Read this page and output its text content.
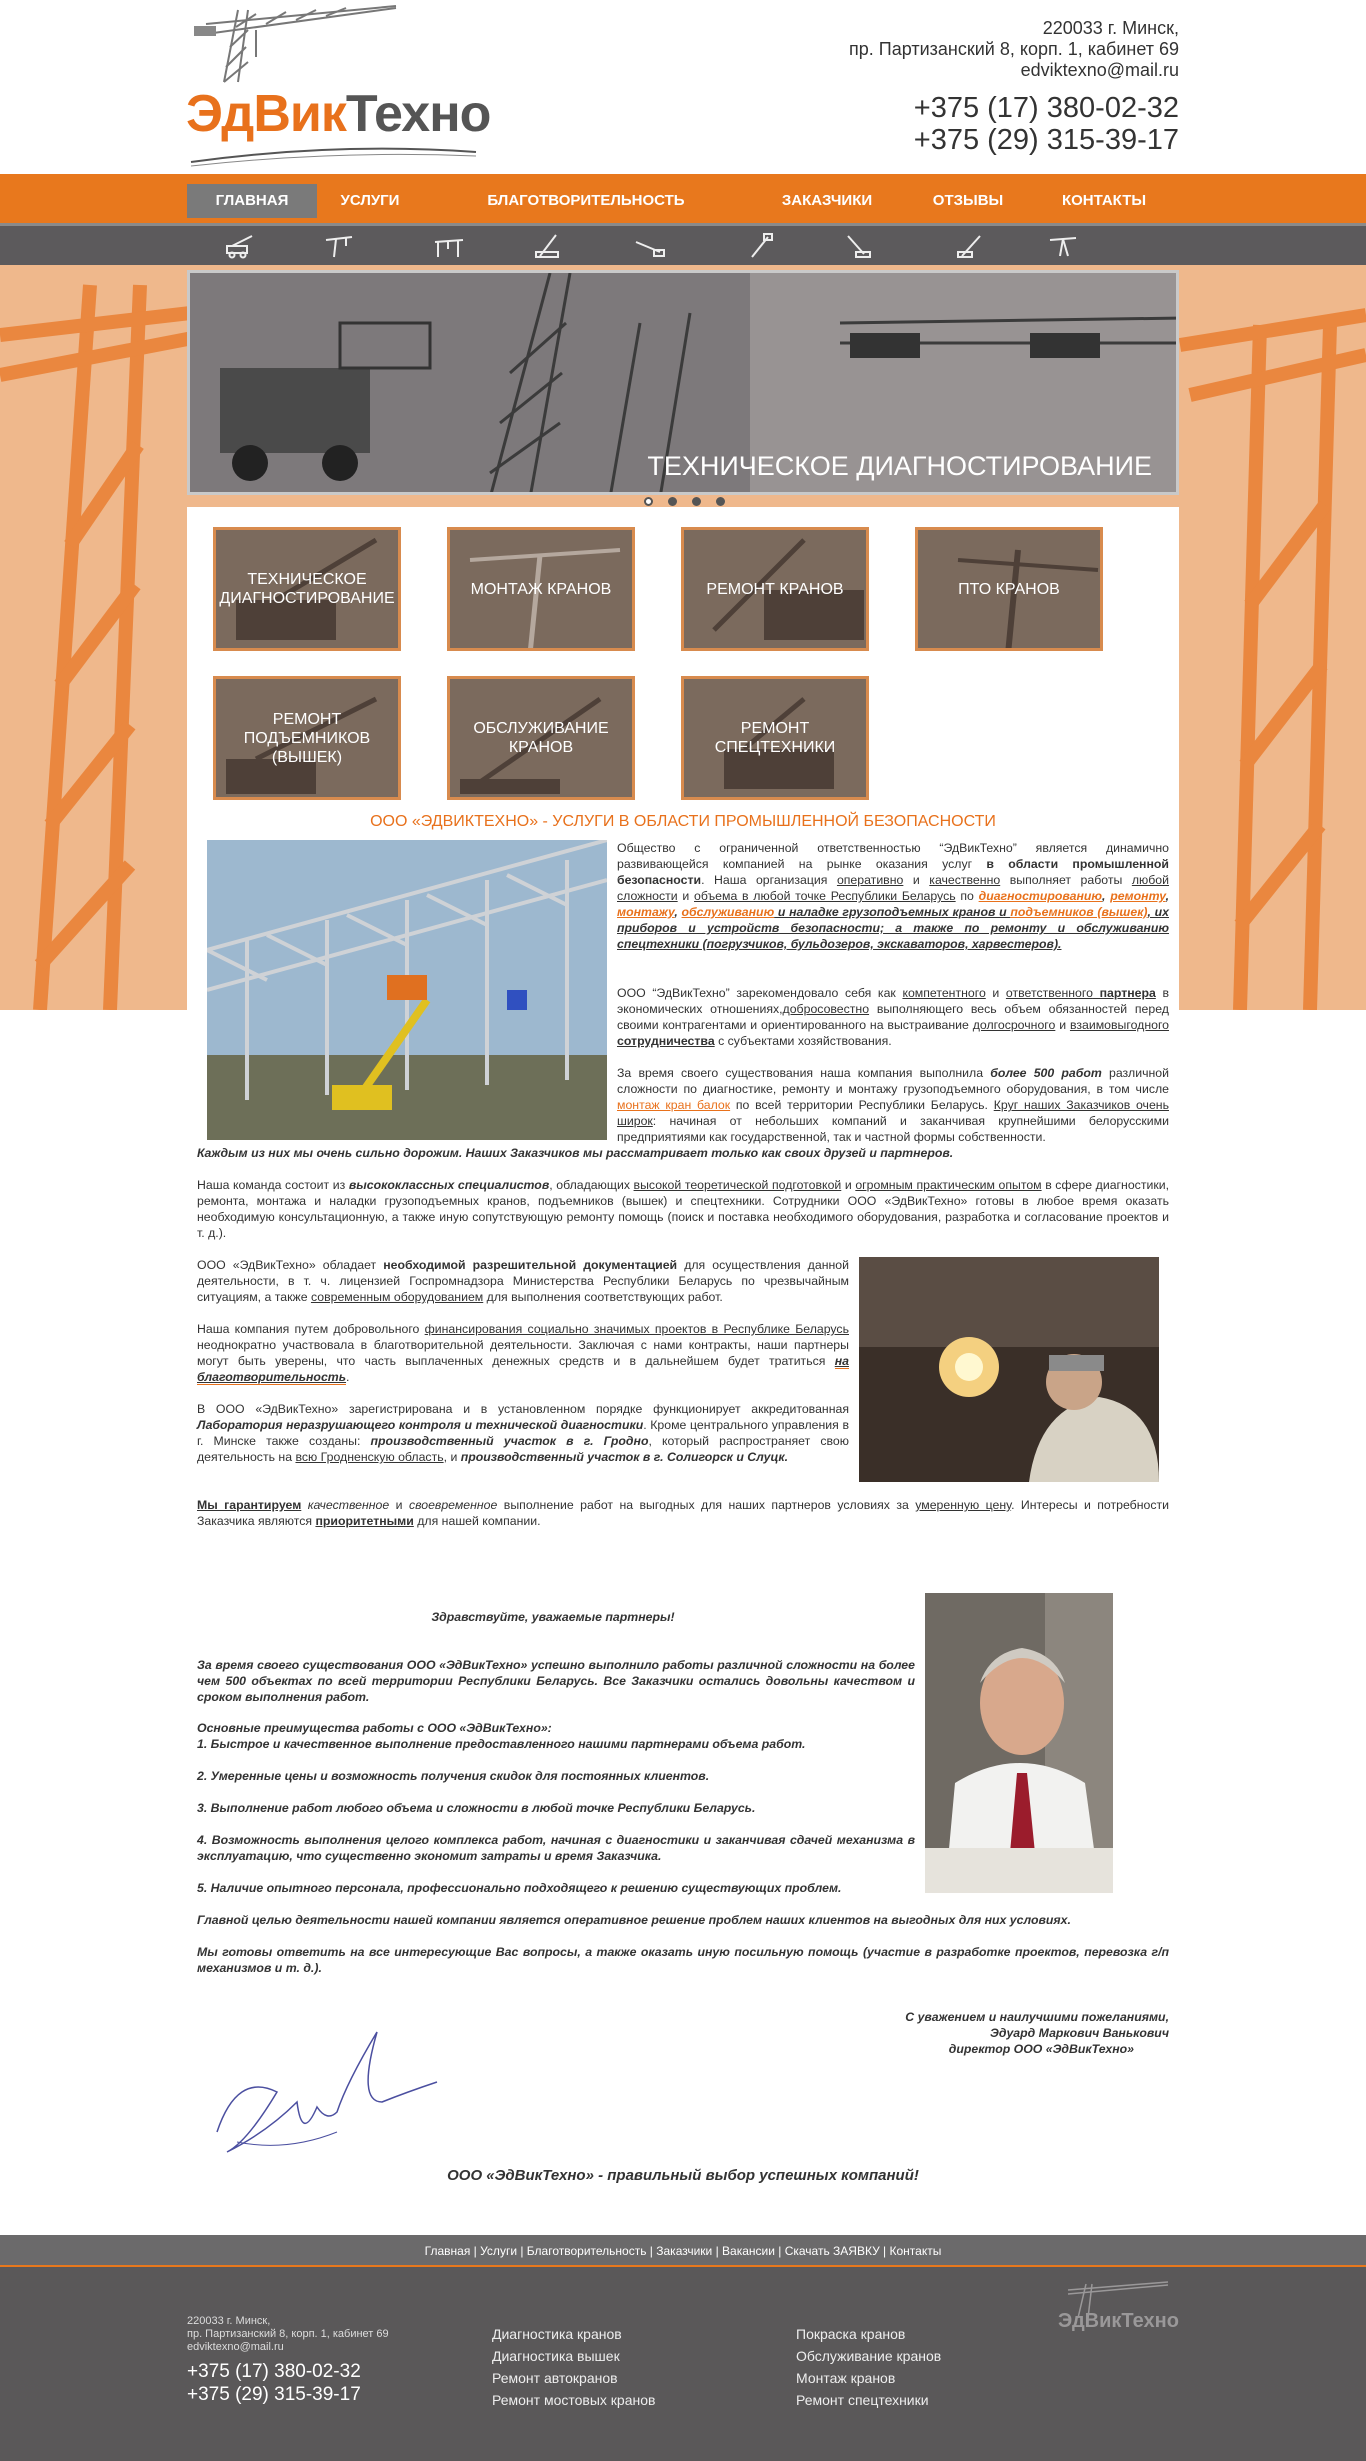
ЭдВикТехно
220033 г. Минск,
пр. Партизанский 8, корп. 1, кабинет 69
edviktexno@mail.ru
+375 (17) 380-02-32
+375 (29) 315-39-17
ГЛАВНАЯ	УСЛУГИ	БЛАГОТВОРИТЕЛЬНОСТЬ	ЗАКАЗЧИКИ	ОТЗЫВЫ	КОНТАКТЫ
ТЕХНИЧЕСКОЕ ДИАГНОСТИРОВАНИЕ
ТЕХНИЧЕСКОЕ ДИАГНОСТИРОВАНИЕ
МОНТАЖ КРАНОВ	РЕМОНТ КРАНОВ	ПТО КРАНОВ
РЕМОНТ ПОДЪЕМНИКОВ (ВЫШЕК)
ОБСЛУЖИВАНИЕ КРАНОВ
РЕМОНТ СПЕЦТЕХНИКИ
ООО «ЭДВИКТЕХНО» - УСЛУГИ В ОБЛАСТИ ПРОМЫШЛЕННОЙ БЕЗОПАСНОСТИ
Общество с ограниченной ответственностью “ЭдВикТехно” является динамично развивающейся компанией на рынке оказания услуг в области промышленной безопасности. Наша организация оперативно и качественно выполняет работы любой сложности и объема в любой точке Республики Беларусь по диагностированию, ремонту, монтажу, обслуживанию и наладке грузоподъемных кранов и подъемников (вышек), их приборов и устройств безопасности; а также по ремонту и обслуживанию спецтехники (погрузчиков, бульдозеров, экскаваторов, харвестеров).
ООО “ЭдВикТехно” зарекомендовало себя как компетентного и ответственного партнера в экономических отношениях,добросовестно выполняющего весь объем обязанностей перед своими контрагентами и ориентированного на выстраивание долгосрочного и взаимовыгодного сотрудничества с субъектами хозяйствования.
За время своего существования наша компания выполнила более 500 работ различной сложности по диагностике, ремонту и монтажу грузоподъемного оборудования, в том числе монтаж кран балок по всей территории Республики Беларусь. Круг наших Заказчиков очень широк: начиная от небольших компаний и заканчивая крупнейшими белорусскими предприятиями как государственной, так и частной формы собственности.
Каждым из них мы очень сильно дорожим. Наших Заказчиков мы рассматривает только как своих друзей и партнеров.
Наша команда состоит из высококлассных специалистов, обладающих высокой теоретической подготовкой и огромным практическим опытом в сфере диагностики, ремонта, монтажа и наладки грузоподъемных кранов, подъемников (вышек) и спецтехники. Сотрудники ООО «ЭдВикТехно» готовы в любое время оказать необходимую консультационную, а также иную сопутствующую ремонту помощь (поиск и поставка необходимого оборудования, разработка и согласование проектов и т. д.).
ООО «ЭдВикТехно» обладает необходимой разрешительной документацией для осуществления данной деятельности, в т. ч. лицензией Госпромнадзора Министерства Республики Беларусь по чрезвычайным ситуациям, а также современным оборудованием для выполнения соответствующих работ.
Наша компания путем добровольного финансирования социально значимых проектов в Республике Беларусь неоднократно участвовала в благотворительной деятельности. Заключая с нами контракты, наши партнеры могут быть уверены, что часть выплаченных денежных средств и в дальнейшем будет тратиться на благотворительность.
В ООО «ЭдВикТехно» зарегистрирована и в установленном порядке функционирует аккредитованная Лаборатория неразрушающего контроля и технической диагностики. Кроме центрального управления в г. Минске также созданы: производственный участок в г. Гродно, который распространяет свою деятельность на всю Гродненскую область, и производственный участок в г. Солигорск и Слуцк.
Мы гарантируем качественное и своевременное выполнение работ на выгодных для наших партнеров условиях за умеренную цену. Интересы и потребности Заказчика являются приоритетными для нашей компании.
Здравствуйте, уважаемые партнеры!
За время своего существования ООО «ЭдВикТехно» успешно выполнило работы различной сложности на более чем 500 объектах по всей территории Республики Беларусь. Все Заказчики остались довольны качеством и сроком выполнения работ.
Основные преимущества работы с ООО «ЭдВикТехно»:
1. Быстрое и качественное выполнение предоставленного нашими партнерами объема работ.
2. Умеренные цены и возможность получения скидок для постоянных клиентов.
3. Выполнение работ любого объема и сложности в любой точке Республики Беларусь.
4. Возможность выполнения целого комплекса работ, начиная с диагностики и заканчивая сдачей механизма в эксплуатацию, что существенно экономит затраты и время Заказчика.
5. Наличие опытного персонала, профессионально подходящего к решению существующих проблем.
Главной целью деятельности нашей компании является оперативное решение проблем наших клиентов на выгодных для них условиях.
Мы готовы ответить на все интересующие Вас вопросы, а также оказать иную посильную помощь (участие в разработке проектов, перевозка г/п механизмов и т. д.).
С уважением и наилучшими пожеланиями,
Эдуард Маркович Ванькович
директор ООО «ЭдВикТехно»
ООО «ЭдВикТехно» - правильный выбор успешных компаний!
Главная | Услуги | Благотворительность | Заказчики | Вакансии | Скачать ЗАЯВКУ | Контакты
220033 г. Минск,
пр. Партизанский 8, корп. 1, кабинет 69
edviktexno@mail.ru
+375 (17) 380-02-32
+375 (29) 315-39-17
Диагностика кранов
Диагностика вышек
Ремонт автокранов
Ремонт мостовых кранов
Покраска кранов
Обслуживание кранов
Монтаж кранов
Ремонт спецтехники
ЭдВикТехно
